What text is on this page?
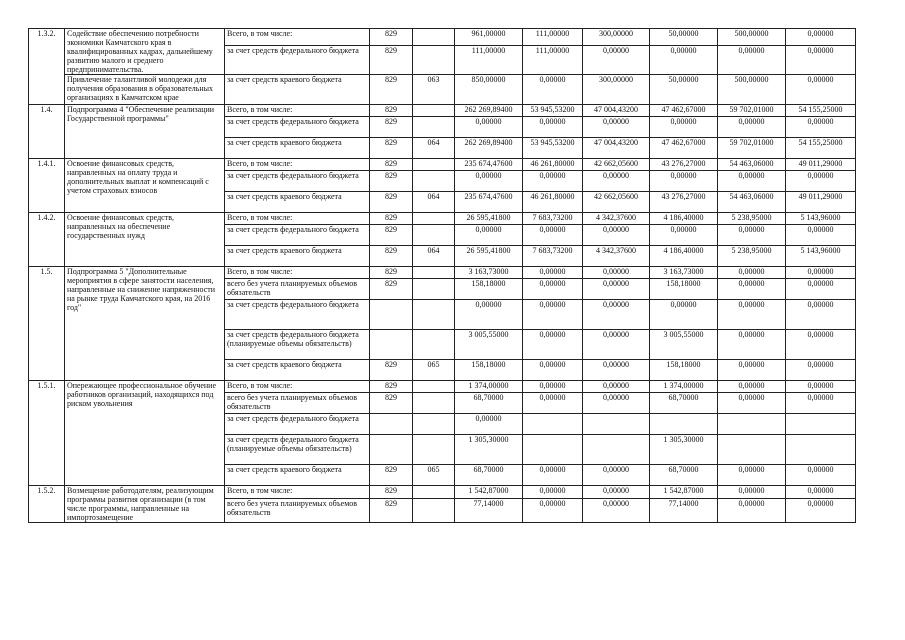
1.3.2.	Содействие обеспечению потребности экономики Камчатского края в квалифицированных кадрах, дальнейшему развитию малого и среднего предпринимательства.	Всего, в том числе:	829		961,00000	111,00000	300,00000	50,00000	500,00000	0,00000
		за счет средств федерального бюджета	829		111,00000	111,00000	0,00000	0,00000	0,00000	0,00000
	Привлечение талантливой молодежи для получения образования в образовательных организациях в Камчатском крае	за счет средств краевого бюджета	829	063	850,00000	0,00000	300,00000	50,00000	500,00000	0,00000
1.4.	Подпрограмма 4 "Обеспечение реализации Государственной программы"	Всего, в том числе:	829		262 269,89400	53 945,53200	47 004,43200	47 462,67000	59 702,01000	54 155,25000
		за счет средств федерального бюджета	829		0,00000	0,00000	0,00000	0,00000	0,00000	0,00000
		за счет средств краевого бюджета	829	064	262 269,89400	53 945,53200	47 004,43200	47 462,67000	59 702,01000	54 155,25000
1.4.1.	Освоение финансовых средств, направленных на оплату труда и дополнительных выплат и компенсаций с учетом страховых взносов	Всего, в том числе:	829		235 674,47600	46 261,80000	42 662,05600	43 276,27000	54 463,06000	49 011,29000
		за счет средств федерального бюджета	829		0,00000	0,00000	0,00000	0,00000	0,00000	0,00000
		за счет средств краевого бюджета	829	064	235 674,47600	46 261,80000	42 662,05600	43 276,27000	54 463,06000	49 011,29000
1.4.2.	Освоение финансовых средств, направленных на обеспечение государственных нужд	Всего, в том числе:	829		26 595,41800	7 683,73200	4 342,37600	4 186,40000	5 238,95000	5 143,96000
		за счет средств федерального бюджета	829		0,00000	0,00000	0,00000	0,00000	0,00000	0,00000
		за счет средств краевого бюджета	829	064	26 595,41800	7 683,73200	4 342,37600	4 186,40000	5 238,95000	5 143,96000
1.5.	Подпрограмма 5 "Дополнительные мероприятия в сфере занятости населения, направленные на снижение напряженности на рынке труда Камчатского края, на 2016 год"	Всего, в том числе:	829		3 163,73000	0,00000	0,00000	3 163,73000	0,00000	0,00000
		всего без учета планируемых объемов обязательств	829		158,18000	0,00000	0,00000	158,18000	0,00000	0,00000
		за счет средств федерального бюджета			0,00000	0,00000	0,00000	0,00000	0,00000	0,00000
		за счет средств федерального бюджета (планируемые объемы обязательств)			3 005,55000	0,00000	0,00000	3 005,55000	0,00000	0,00000
		за счет средств краевого бюджета	829	065	158,18000	0,00000	0,00000	158,18000	0,00000	0,00000
1.5.1.	Опережающее профессиональное обучение работников организаций, находящихся под риском увольнения	Всего, в том числе:	829		1 374,00000	0,00000	0,00000	1 374,00000	0,00000	0,00000
		всего без учета планируемых объемов обязательств	829		68,70000	0,00000	0,00000	68,70000	0,00000	0,00000
		за счет средств федерального бюджета			0,00000					
		за счет средств федерального бюджета (планируемые объемы обязательств)			1 305,30000			1 305,30000		
		за счет средств краевого бюджета	829	065	68,70000	0,00000	0,00000	68,70000	0,00000	0,00000
1.5.2.	Возмещение работодателям, реализующим программы развития организации (в том числе программы, направленные на импортозамещение	Всего, в том числе:	829		1 542,87000	0,00000	0,00000	1 542,87000	0,00000	0,00000
		всего без учета планируемых объемов обязательств	829		77,14000	0,00000	0,00000	77,14000	0,00000	0,00000
